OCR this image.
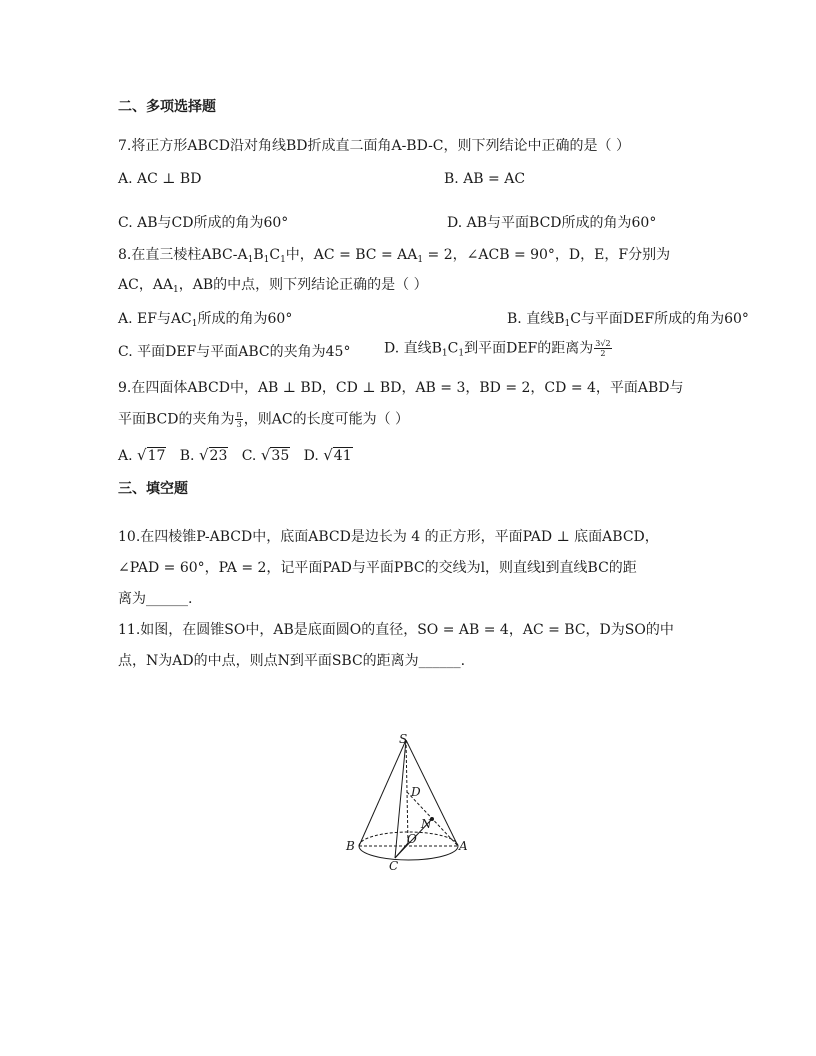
二、多项选择题
7.将正方形ABCD沿对角线BD折成直二面角A-BD-C，则下列结论中正确的是（ ）
A. AC ⊥ BD	B. AB = AC
C. AB与CD所成的角为60°	D. AB与平面BCD所成的角为60°
8.在直三棱柱ABC-$A_1B_1C_1$中，AC = BC = $AA_1 = 2$，∠ACB = 90°，D，E，F分别为
AC，$AA_1$，AB的中点，则下列结论正确的是（ ）
A. EF与$AC_1$所成的角为60°	B. 直线$B_1C$与平面DEF所成的角为60°
C. 平面DEF与平面ABC的夹角为45° D. 直线$B_1C_1$到平面DEF的距离为 $\frac{3√2}{2}$
9.在四面体ABCD中，AB ⊥ BD，CD ⊥ BD，AB = 3，BD = 2，CD = 4，平面ABD与
平面BCD的夹角为 $\frac{\pi}{3}$ ，则AC的长度可能为（ ）
A. √17 B. √23 C. √35 D. √41
三、填空题
10.在四棱锥P-ABCD中，底面ABCD是边长为 4 的正方形，平面PAD ⊥ 底面ABCD，
∠PAD = 60°，PA = 2，记平面PAD与平面PBC的交线为l，则直线l到直线BC的距
离为______.
11.如图，在圆锥SO中，AB是底面圆O的直径，SO = AB = 4，AC = BC，D为SO的中
点，N为AD的中点，则点N到平面SBC的距离为______.
S
D
N
O
B	A
C
